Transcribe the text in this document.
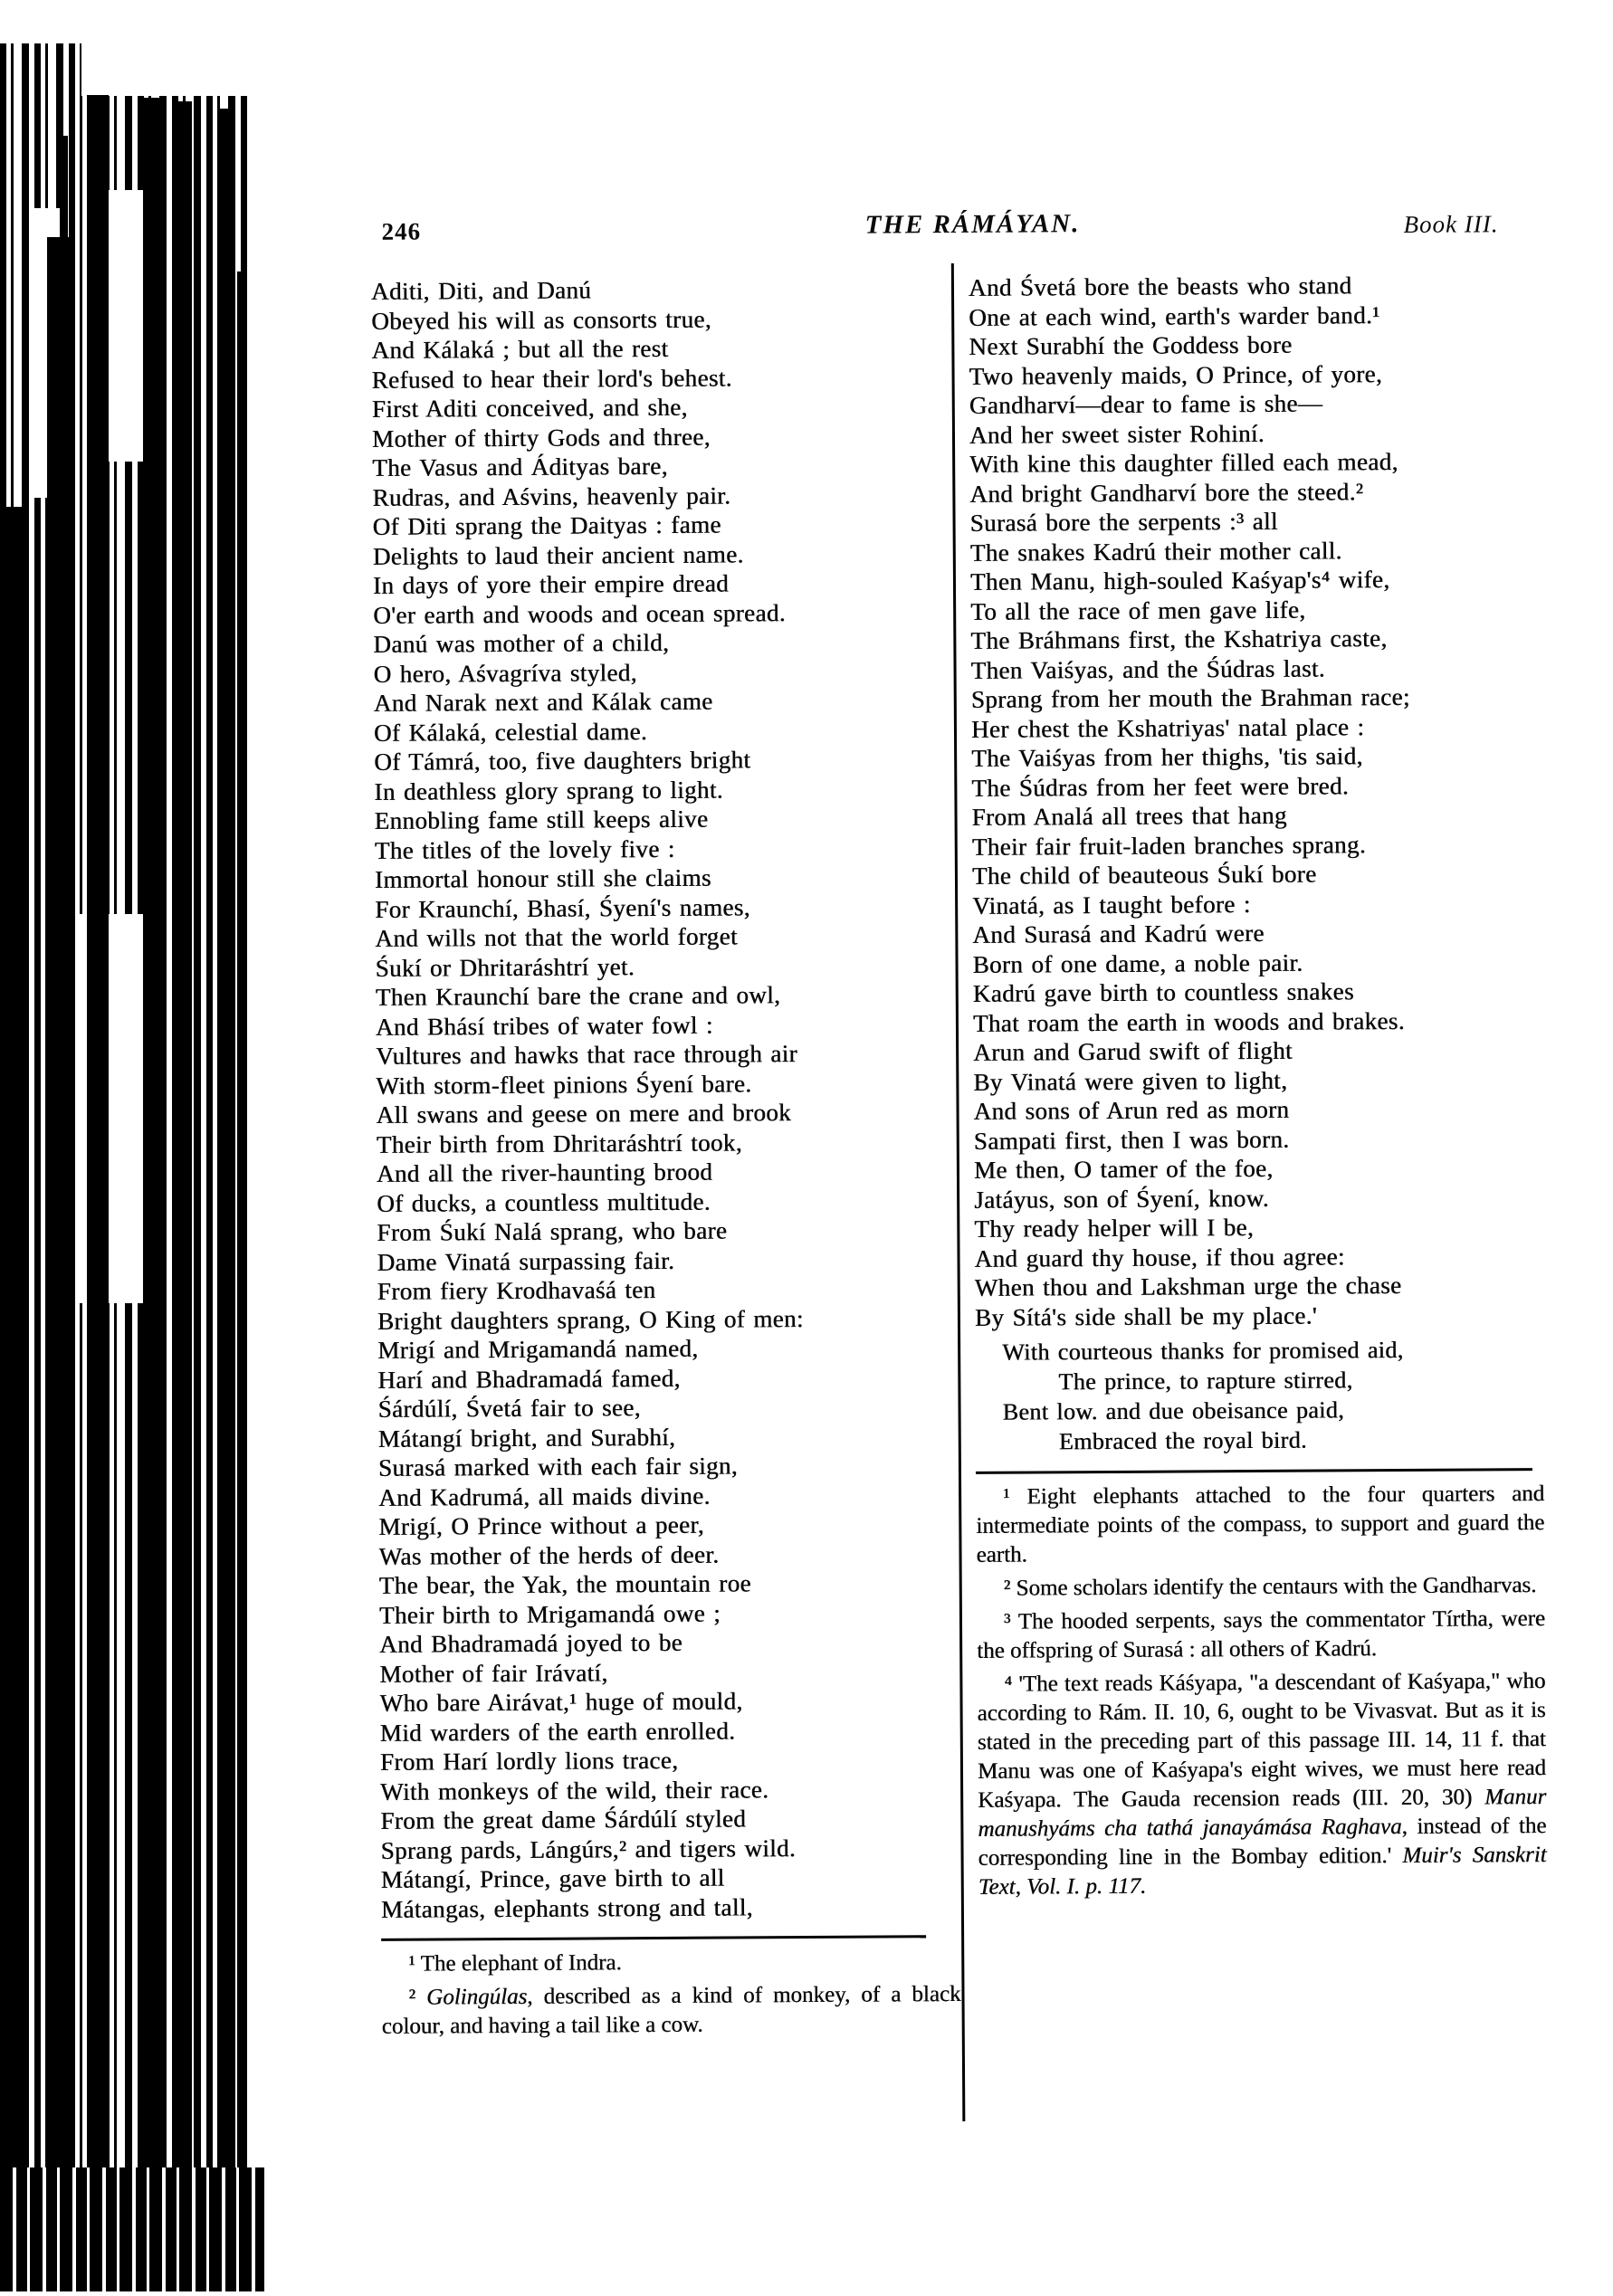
246	THE RÁMÁYAN.	Book III.
Aditi, Diti, and Danú
Obeyed his will as consorts true,
And Kálaká ; but all the rest
Refused to hear their lord's behest.
First Aditi conceived, and she,
Mother of thirty Gods and three,
The Vasus and Ádityas bare,
Rudras, and Aśvins, heavenly pair.
Of Diti sprang the Daityas : fame
Delights to laud their ancient name.
In days of yore their empire dread
O'er earth and woods and ocean spread.
Danú was mother of a child,
O hero, Aśvagríva styled,
And Narak next and Kálak came
Of Kálaká, celestial dame.
Of Támrá, too, five daughters bright
In deathless glory sprang to light.
Ennobling fame still keeps alive
The titles of the lovely five :
Immortal honour still she claims
For Kraunchí, Bhasí, Śyení's names,
And wills not that the world forget
Śukí or Dhritaráshtrí yet.
Then Kraunchí bare the crane and owl,
And Bhásí tribes of water fowl :
Vultures and hawks that race through air
With storm-fleet pinions Śyení bare.
All swans and geese on mere and brook
Their birth from Dhritaráshtrí took,
And all the river-haunting brood
Of ducks, a countless multitude.
From Śukí Nalá sprang, who bare
Dame Vinatá surpassing fair.
From fiery Krodhavaśá ten
Bright daughters sprang, O King of men:
Mrigí and Mrigamandá named,
Harí and Bhadramadá famed,
Śárdúlí, Śvetá fair to see,
Mátangí bright, and Surabhí,
Surasá marked with each fair sign,
And Kadrumá, all maids divine.
Mrigí, O Prince without a peer,
Was mother of the herds of deer.
The bear, the Yak, the mountain roe
Their birth to Mrigamandá owe ;
And Bhadramadá joyed to be
Mother of fair Irávatí,
Who bare Airávat,¹ huge of mould,
Mid warders of the earth enrolled.
From Harí lordly lions trace,
With monkeys of the wild, their race.
From the great dame Śárdúlí styled
Sprang pards, Lángúrs,² and tigers wild.
Mátangí, Prince, gave birth to all
Mátangas, elephants strong and tall,

¹ The elephant of Indra.

² Golingúlas, described as a kind of monkey, of a black colour, and having a tail like a cow.

And Śvetá bore the beasts who stand
One at each wind, earth's warder band.¹
Next Surabhí the Goddess bore
Two heavenly maids, O Prince, of yore,
Gandharví—dear to fame is she—
And her sweet sister Rohiní.
With kine this daughter filled each mead,
And bright Gandharví bore the steed.²
Surasá bore the serpents :³ all
The snakes Kadrú their mother call.
Then Manu, high-souled Kaśyap's⁴ wife,
To all the race of men gave life,
The Bráhmans first, the Kshatriya caste,
Then Vaiśyas, and the Śúdras last.
Sprang from her mouth the Brahman race;
Her chest the Kshatriyas' natal place :
The Vaiśyas from her thighs, 'tis said,
The Śúdras from her feet were bred.
From Analá all trees that hang
Their fair fruit-laden branches sprang.
The child of beauteous Śukí bore
Vinatá, as I taught before :
And Surasá and Kadrú were
Born of one dame, a noble pair.
Kadrú gave birth to countless snakes
That roam the earth in woods and brakes.
Arun and Garud swift of flight
By Vinatá were given to light,
And sons of Arun red as morn
Sampati first, then I was born.
Me then, O tamer of the foe,
Jatáyus, son of Śyení, know.
Thy ready helper will I be,
And guard thy house, if thou agree:
When thou and Lakshman urge the chase
By Sítá's side shall be my place.'
With courteous thanks for promised aid,
The prince, to rapture stirred,
Bent low. and due obeisance paid,
Embraced the royal bird.

¹ Eight elephants attached to the four quarters and intermediate points of the compass, to support and guard the earth.

² Some scholars identify the centaurs with the Gandharvas.

³ The hooded serpents, says the commentator Tírtha, were the offspring of Surasá : all others of Kadrú.

⁴ 'The text reads Káśyapa, "a descendant of Kaśyapa," who according to Rám. II. 10, 6, ought to be Vivasvat. But as it is stated in the preceding part of this passage III. 14, 11 f. that Manu was one of Kaśyapa's eight wives, we must here read Kaśyapa. The Gauda recension reads (III. 20, 30) Manur manushyáms cha tathá janayámása Raghava, instead of the corresponding line in the Bombay edition.' Muir's Sanskrit Text, Vol. I. p. 117.
